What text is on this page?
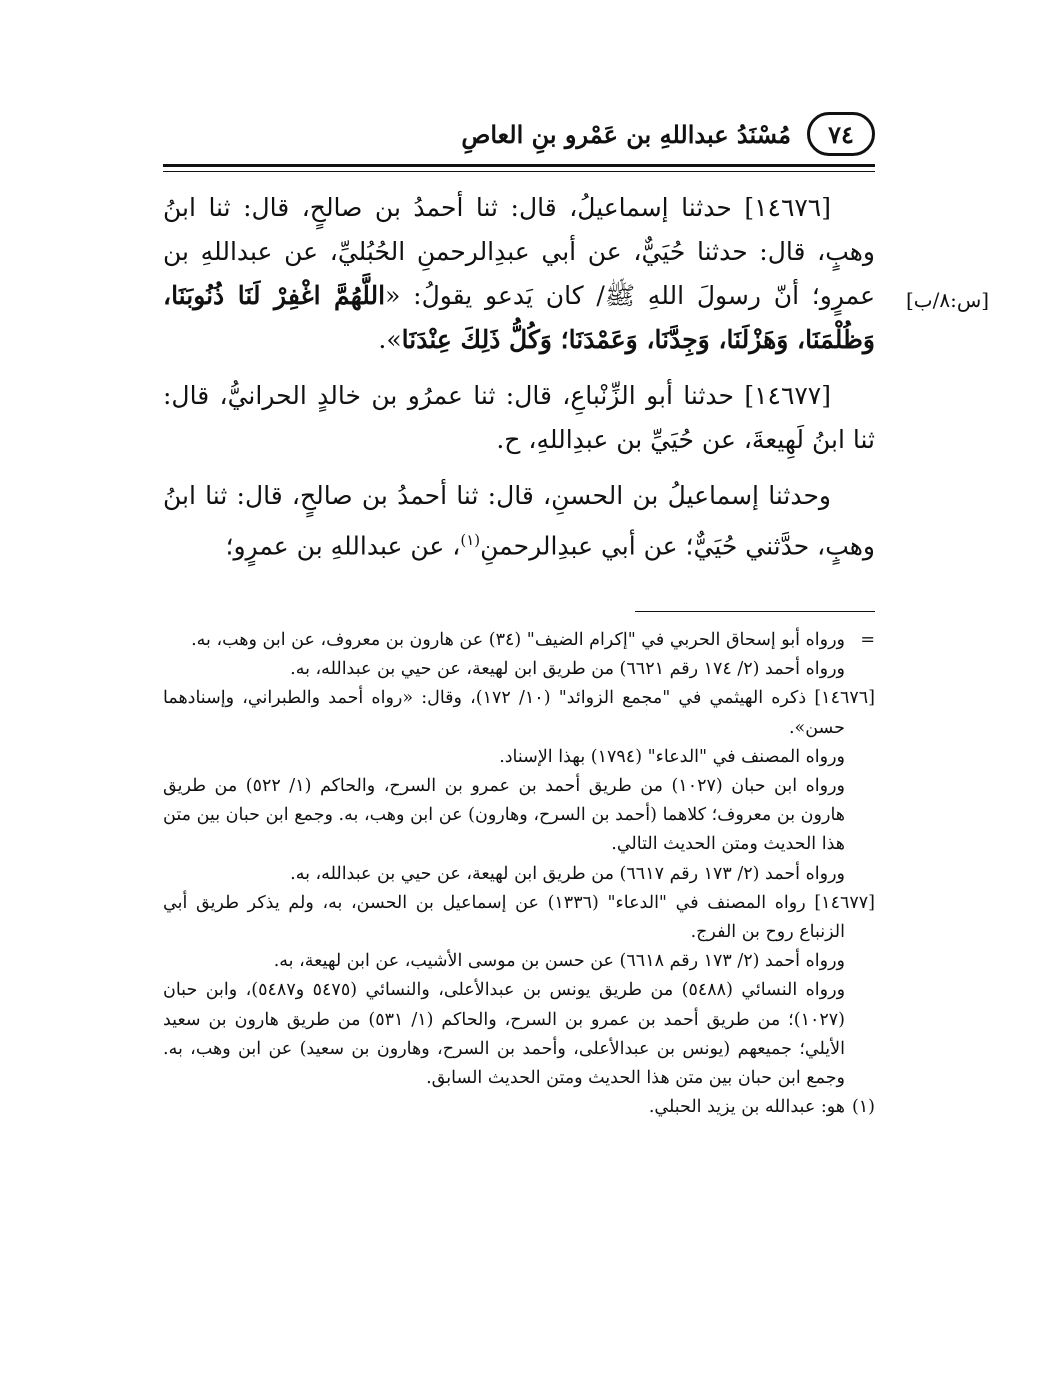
٧٤
مُسْنَدُ عبداللهِ بن عَمْرو بنِ العاصِ
[س:٨/ب]

[١٤٦٧٦] حدثنا إسماعيلُ، قال: ثنا أحمدُ بن صالحٍ، قال: ثنا ابنُ وهبٍ، قال: حدثنا حُيَيٌّ، عن أبي عبدِالرحمنِ الحُبُليِّ، عن عبداللهِ بن عمرٍو؛ أنّ رسولَ اللهِ ﷺ/ كان يَدعو يقولُ: «اللَّهُمَّ اغْفِرْ لَنَا ذُنُوبَنَا، وَظُلْمَنَا، وَهَزْلَنَا، وَجِدَّنَا، وَعَمْدَنَا؛ وَكُلُّ ذَلِكَ عِنْدَنَا».

[١٤٦٧٧] حدثنا أبو الزِّنْباعِ، قال: ثنا عمرُو بن خالدٍ الحرانيُّ، قال: ثنا ابنُ لَهِيعةَ، عن حُيَيِّ بن عبدِاللهِ، ح.

وحدثنا إسماعيلُ بن الحسنِ، قال: ثنا أحمدُ بن صالحٍ، قال: ثنا ابنُ وهبٍ، حدَّثني حُيَيٌّ؛ عن أبي عبدِالرحمنِ$^{(١)}$، عن عبداللهِ بن عمرٍو؛

=
ورواه أبو إسحاق الحربي في "إكرام الضيف" (٣٤) عن هارون بن معروف، عن ابن وهب، به.
ورواه أحمد (٢/ ١٧٤ رقم ٦٦٢١) من طريق ابن لهيعة، عن حيي بن عبدالله، به.
[١٤٦٧٦] ذكره الهيثمي في "مجمع الزوائد" (١٠/ ١٧٢)، وقال: «رواه أحمد والطبراني، وإسنادهما حسن».
ورواه المصنف في "الدعاء" (١٧٩٤) بهذا الإسناد.
ورواه ابن حبان (١٠٢٧) من طريق أحمد بن عمرو بن السرح، والحاكم (١/ ٥٢٢) من طريق هارون بن معروف؛ كلاهما (أحمد بن السرح، وهارون) عن ابن وهب، به. وجمع ابن حبان بين متن هذا الحديث ومتن الحديث التالي.
ورواه أحمد (٢/ ١٧٣ رقم ٦٦١٧) من طريق ابن لهيعة، عن حيي بن عبدالله، به.
[١٤٦٧٧] رواه المصنف في "الدعاء" (١٣٣٦) عن إسماعيل بن الحسن، به، ولم يذكر طريق أبي الزنباع روح بن الفرج.
ورواه أحمد (٢/ ١٧٣ رقم ٦٦١٨) عن حسن بن موسى الأشيب، عن ابن لهيعة، به.
ورواه النسائي (٥٤٨٨) من طريق يونس بن عبدالأعلى، والنسائي (٥٤٧٥ و٥٤٨٧)، وابن حبان (١٠٢٧)؛ من طريق أحمد بن عمرو بن السرح، والحاكم (١/ ٥٣١) من طريق هارون بن سعيد الأيلي؛ جميعهم (يونس بن عبدالأعلى، وأحمد بن السرح، وهارون بن سعيد) عن ابن وهب، به. وجمع ابن حبان بين متن هذا الحديث ومتن الحديث السابق.
(١)
هو: عبدالله بن يزيد الحبلي.
